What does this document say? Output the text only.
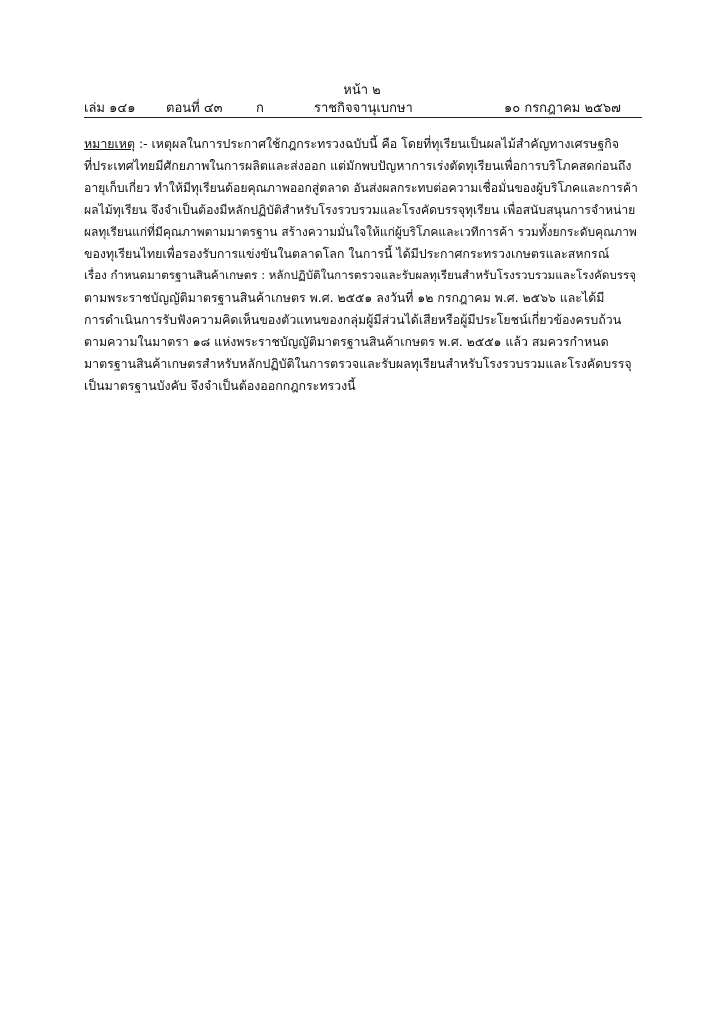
หน้า ๒
เล่ม ๑๔๑ ตอนที่ ๔๓	ก	ราชกิจจานุเบกษา	๑๐ กรกฎาคม ๒๕๖๗
หมายเหตุ :- เหตุผลในการประกาศใช้กฎกระทรวงฉบับนี้ คือ โดยที่ทุเรียนเป็นผลไม้สำคัญทางเศรษฐกิจ
ที่ประเทศไทยมีศักยภาพในการผลิตและส่งออก แต่มักพบปัญหาการเร่งตัดทุเรียนเพื่อการบริโภคสดก่อนถึง
อายุเก็บเกี่ยว ทำให้มีทุเรียนด้อยคุณภาพออกสู่ตลาด อันส่งผลกระทบต่อความเชื่อมั่นของผู้บริโภคและการค้า
ผลไม้ทุเรียน จึงจำเป็นต้องมีหลักปฏิบัติสำหรับโรงรวบรวมและโรงคัดบรรจุทุเรียน เพื่อสนับสนุนการจำหน่าย
ผลทุเรียนแก่ที่มีคุณภาพตามมาตรฐาน สร้างความมั่นใจให้แก่ผู้บริโภคและเวทีการค้า รวมทั้งยกระดับคุณภาพ
ของทุเรียนไทยเพื่อรองรับการแข่งขันในตลาดโลก ในการนี้ ได้มีประกาศกระทรวงเกษตรและสหกรณ์
เรื่อง กำหนดมาตรฐานสินค้าเกษตร : หลักปฏิบัติในการตรวจและรับผลทุเรียนสำหรับโรงรวบรวมและโรงคัดบรรจุ
ตามพระราชบัญญัติมาตรฐานสินค้าเกษตร พ.ศ. ๒๕๕๑ ลงวันที่ ๑๒ กรกฎาคม พ.ศ. ๒๕๖๖ และได้มี
การดำเนินการรับฟังความคิดเห็นของตัวแทนของกลุ่มผู้มีส่วนได้เสียหรือผู้มีประโยชน์เกี่ยวข้องครบถ้วน
ตามความในมาตรา ๑๘ แห่งพระราชบัญญัติมาตรฐานสินค้าเกษตร พ.ศ. ๒๕๕๑ แล้ว สมควรกำหนด
มาตรฐานสินค้าเกษตรสำหรับหลักปฏิบัติในการตรวจและรับผลทุเรียนสำหรับโรงรวบรวมและโรงคัดบรรจุ
เป็นมาตรฐานบังคับ จึงจำเป็นต้องออกกฎกระทรวงนี้
